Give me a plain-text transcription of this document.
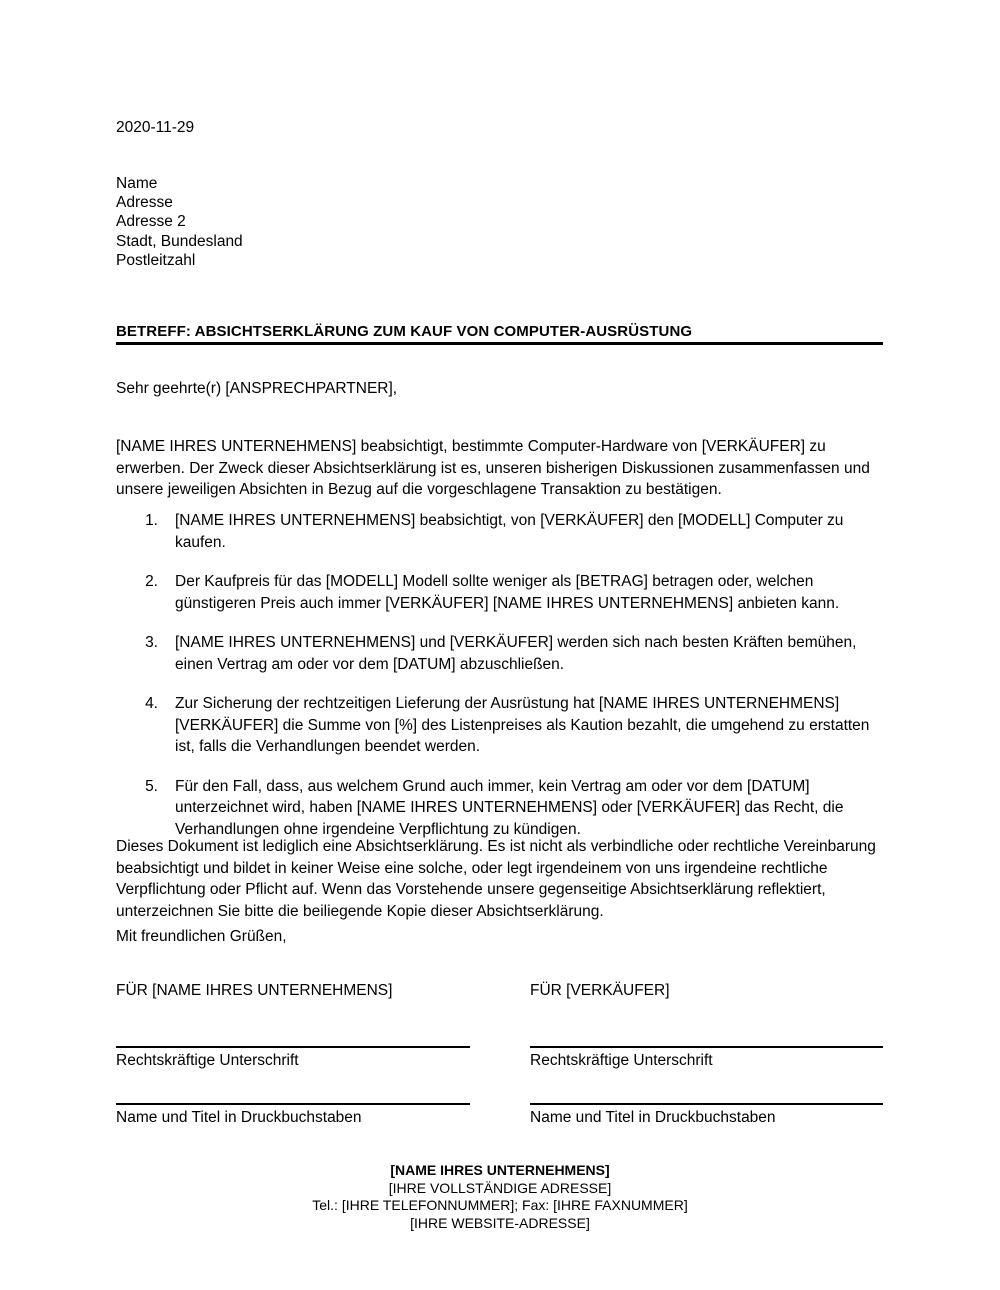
2020-11-29
Name
Adresse
Adresse 2
Stadt, Bundesland
Postleitzahl
BETREFF: ABSICHTSERKLÄRUNG ZUM KAUF VON COMPUTER-AUSRÜSTUNG
Sehr geehrte(r) [ANSPRECHPARTNER],
[NAME IHRES UNTERNEHMENS] beabsichtigt, bestimmte Computer-Hardware von [VERKÄUFER] zu erwerben. Der Zweck dieser Absichtserklärung ist es, unseren bisherigen Diskussionen zusammenfassen und unsere jeweiligen Absichten in Bezug auf die vorgeschlagene Transaktion zu bestätigen.
1. [NAME IHRES UNTERNEHMENS] beabsichtigt, von [VERKÄUFER] den [MODELL] Computer zu kaufen.
2. Der Kaufpreis für das [MODELL] Modell sollte weniger als [BETRAG] betragen oder, welchen günstigeren Preis auch immer [VERKÄUFER] [NAME IHRES UNTERNEHMENS] anbieten kann.
3. [NAME IHRES UNTERNEHMENS] und [VERKÄUFER] werden sich nach besten Kräften bemühen, einen Vertrag am oder vor dem [DATUM] abzuschließen.
4. Zur Sicherung der rechtzeitigen Lieferung der Ausrüstung hat [NAME IHRES UNTERNEHMENS] [VERKÄUFER] die Summe von [%] des Listenpreises als Kaution bezahlt, die umgehend zu erstatten ist, falls die Verhandlungen beendet werden.
5. Für den Fall, dass, aus welchem Grund auch immer, kein Vertrag am oder vor dem [DATUM] unterzeichnet wird, haben [NAME IHRES UNTERNEHMENS] oder [VERKÄUFER] das Recht, die Verhandlungen ohne irgendeine Verpflichtung zu kündigen.
Dieses Dokument ist lediglich eine Absichtserklärung. Es ist nicht als verbindliche oder rechtliche Vereinbarung beabsichtigt und bildet in keiner Weise eine solche, oder legt irgendeinem von uns irgendeine rechtliche Verpflichtung oder Pflicht auf. Wenn das Vorstehende unsere gegenseitige Absichtserklärung reflektiert, unterzeichnen Sie bitte die beiliegende Kopie dieser Absichtserklärung.
Mit freundlichen Grüßen,
FÜR [NAME IHRES UNTERNEHMENS]	FÜR [VERKÄUFER]
Rechtskräftige Unterschrift	Rechtskräftige Unterschrift
Name und Titel in Druckbuchstaben	Name und Titel in Druckbuchstaben
[NAME IHRES UNTERNEHMENS]
[IHRE VOLLSTÄNDIGE ADRESSE]
Tel.: [IHRE TELEFONNUMMER]; Fax: [IHRE FAXNUMMER]
[IHRE WEBSITE-ADRESSE]
